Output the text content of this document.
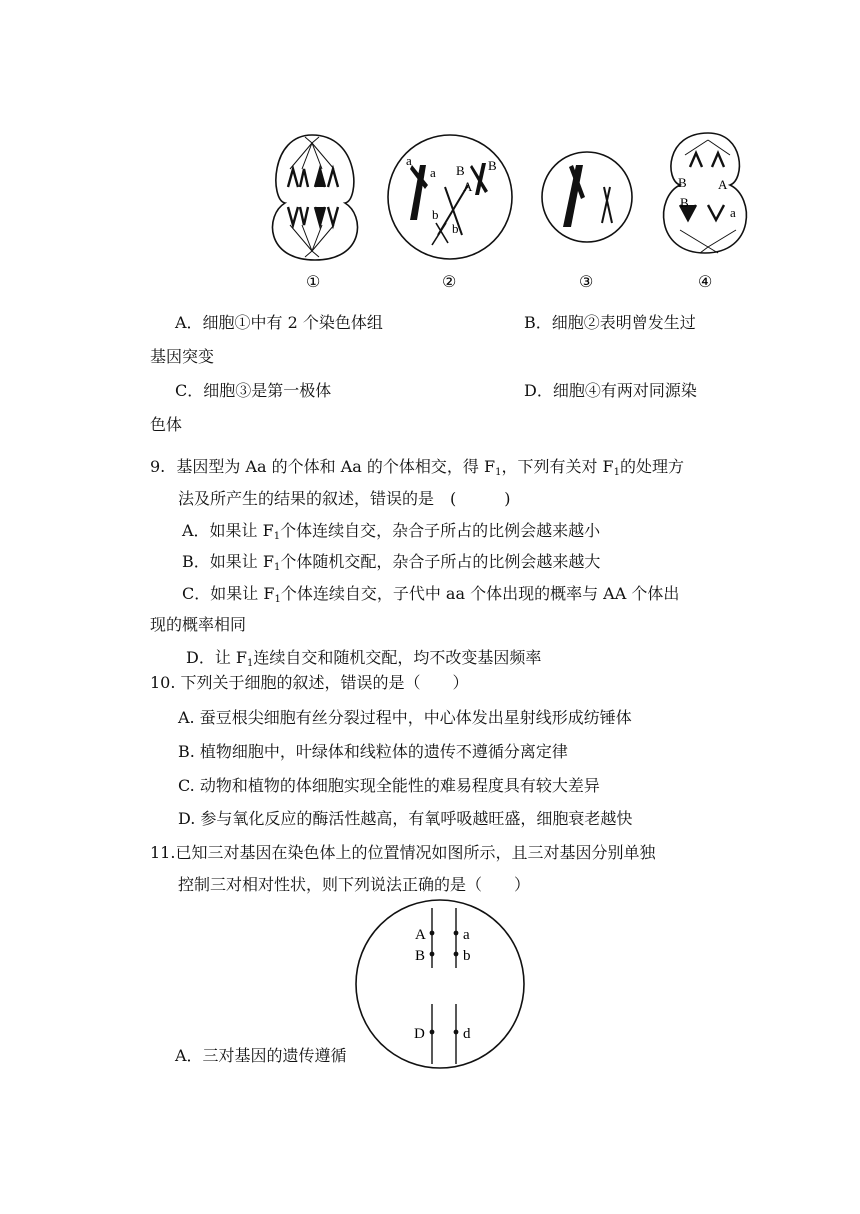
a
a B
A
B
b
b
B A
B
a
①	②	③	④
A．细胞①中有 2 个染色体组	B．细胞②表明曾发生过
基因突变
C．细胞③是第一极体	D．细胞④有两对同源染
色体
9. 基因型为 Aa 的个体和 Aa 的个体相交，得 $F_1$，下列有关对 $F_1$的处理方
法及所产生的结果的叙述，错误的是　(　　　)
A．如果让 $F_1$个体连续自交，杂合子所占的比例会越来越小
B．如果让 $F_1$个体随机交配，杂合子所占的比例会越来越大
C．如果让 $F_1$个体连续自交，子代中 aa 个体出现的概率与 AA 个体出
现的概率相同
D．让 $F_1$连续自交和随机交配，均不改变基因频率
10. 下列关于细胞的叙述，错误的是（　　）
A. 蚕豆根尖细胞有丝分裂过程中，中心体发出星射线形成纺锤体
B. 植物细胞中，叶绿体和线粒体的遗传不遵循分离定律
C. 动物和植物的体细胞实现全能性的难易程度具有较大差异
D. 参与氧化反应的酶活性越高，有氧呼吸越旺盛，细胞衰老越快
11.已知三对基因在染色体上的位置情况如图所示，且三对基因分别单独
控制三对相对性状，则下列说法正确的是（　　）
A．三对基因的遗传遵循
A a
B	b
D	d
